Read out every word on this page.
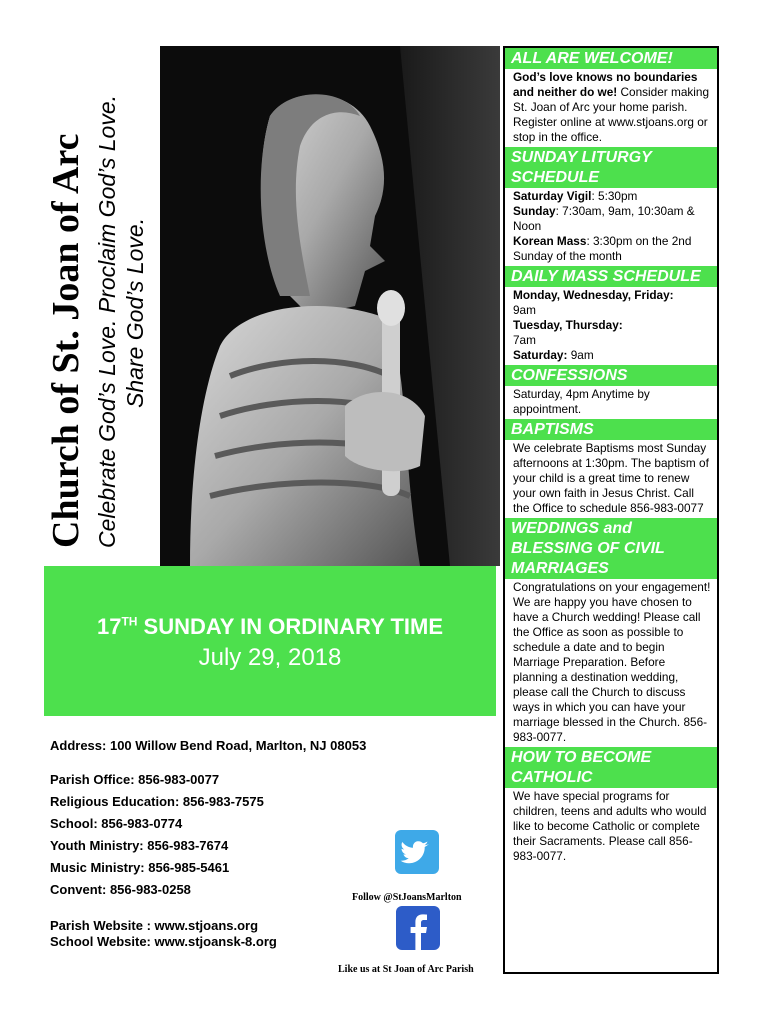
Church of St. Joan of Arc Celebrate God’s Love. Proclaim God’s Love. Share God’s Love.
17TH SUNDAY IN ORDINARY TIME
July 29, 2018
Address: 100 Willow Bend Road, Marlton, NJ 08053
Parish Office: 856-983-0077
Religious Education: 856-983-7575
School: 856-983-0774
Youth Ministry: 856-983-7674
Music Ministry: 856-985-5461
Convent: 856-983-0258
Parish Website : www.stjoans.org
School Website: www.stjoansk-8.org
Follow @StJoansMarlton
Like us at St Joan of Arc Parish
ALL ARE WELCOME!
God’s love knows no boundaries and neither do we! Consider making St. Joan of Arc your home parish. Register online at www.stjoans.org or stop in the office.
SUNDAY LITURGY SCHEDULE
Saturday Vigil: 5:30pm
Sunday: 7:30am, 9am, 10:30am & Noon
Korean Mass: 3:30pm on the 2nd Sunday of the month
DAILY MASS SCHEDULE
Monday, Wednesday, Friday:
9am
Tuesday, Thursday:
7am
Saturday: 9am
CONFESSIONS
Saturday, 4pm Anytime by appointment.
BAPTISMS
We celebrate Baptisms most Sunday afternoons at 1:30pm. The baptism of your child is a great time to renew your own faith in Jesus Christ. Call the Office to schedule 856-983-0077
WEDDINGS and BLESSING OF CIVIL MARRIAGES
Congratulations on your engagement! We are happy you have chosen to have a Church wedding! Please call the Office as soon as possible to schedule a date and to begin Marriage Preparation. Before planning a destination wedding, please call the Church to discuss ways in which you can have your marriage blessed in the Church. 856-983-0077.
HOW TO BECOME CATHOLIC
We have special programs for children, teens and adults who would like to become Catholic or complete their Sacraments. Please call 856-983-0077.
